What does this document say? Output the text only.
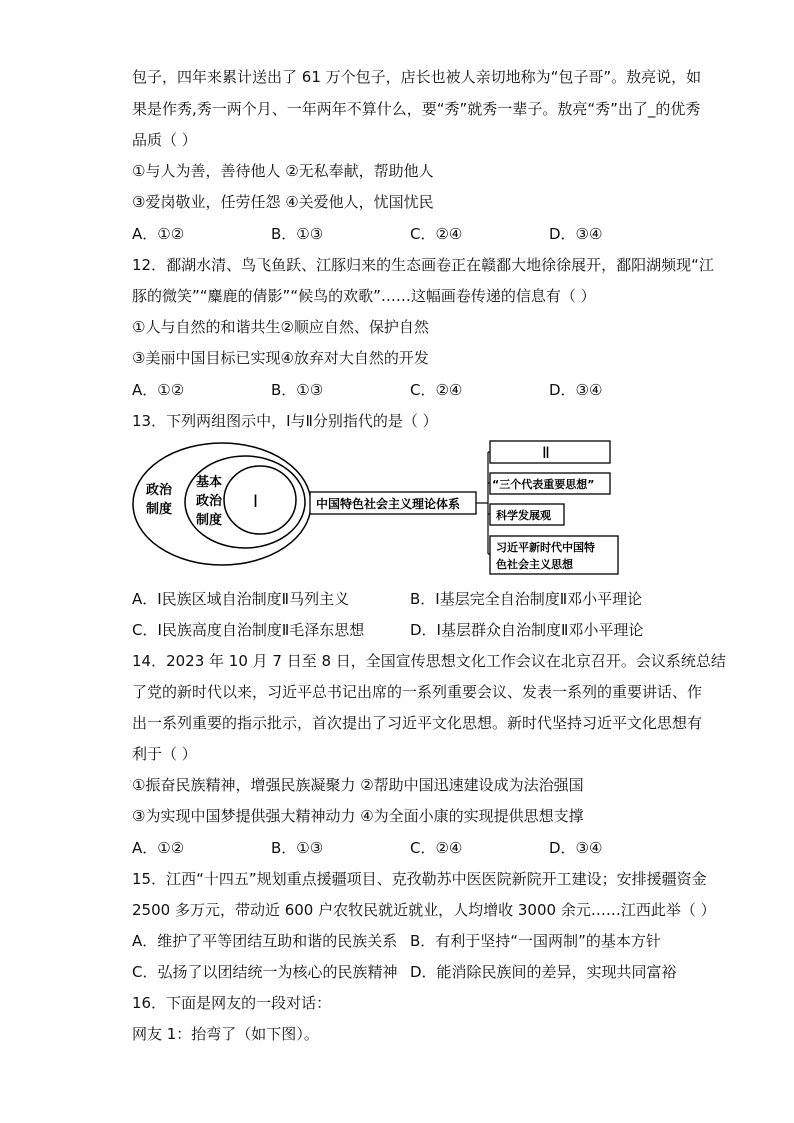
包子，四年来累计送出了 61 万个包子，店长也被人亲切地称为“包子哥”。敖亮说，如
果是作秀,秀一两个月、一年两年不算什么，要“秀”就秀一辈子。敖亮“秀”出了_的优秀
品质（ ）
①与人为善，善待他人 ②无私奉献，帮助他人
③爱岗敬业，任劳任怨 ④关爱他人，忧国忧民
A．①②	B．①③	C．②④	D．③④
12．鄱湖水清、鸟飞鱼跃、江豚归来的生态画卷正在赣鄱大地徐徐展开，鄱阳湖频现“江
豚的微笑”“麋鹿的倩影”“候鸟的欢歌”……这幅画卷传递的信息有（ ）
①人与自然的和谐共生②顺应自然、保护自然
③美丽中国目标已实现④放弃对大自然的开发
A．①②	B．①③	C．②④	D．③④
13．下列两组图示中，Ⅰ与Ⅱ分别指代的是（ ）
政治
制度
基本
政治
制度
Ⅰ	中国特色社会主义理论体系
Ⅱ
“三个代表重要思想”
科学发展观
习近平新时代中国特
色社会主义思想
A．Ⅰ民族区域自治制度Ⅱ马列主义	B．Ⅰ基层完全自治制度Ⅱ邓小平理论
C．Ⅰ民族高度自治制度Ⅱ毛泽东思想	D．Ⅰ基层群众自治制度Ⅱ邓小平理论
14．2023 年 10 月 7 日至 8 日，全国宣传思想文化工作会议在北京召开。会议系统总结
了党的新时代以来，习近平总书记出席的一系列重要会议、发表一系列的重要讲话、作
出一系列重要的指示批示，首次提出了习近平文化思想。新时代坚持习近平文化思想有
利于（ ）
①振奋民族精神，增强民族凝聚力 ②帮助中国迅速建设成为法治强国
③为实现中国梦提供强大精神动力 ④为全面小康的实现提供思想支撑
A．①②	B．①③	C．②④	D．③④
15．江西“十四五”规划重点援疆项目、克孜勒苏中医医院新院开工建设；安排援疆资金
2500 多万元，带动近 600 户农牧民就近就业，人均增收 3000 余元……江西此举（ ）
A．维护了平等团结互助和谐的民族关系 B．有利于坚持“一国两制”的基本方针
C．弘扬了以团结统一为核心的民族精神 D．能消除民族间的差异，实现共同富裕
16．下面是网友的一段对话：
网友 1：抬弯了（如下图）。
